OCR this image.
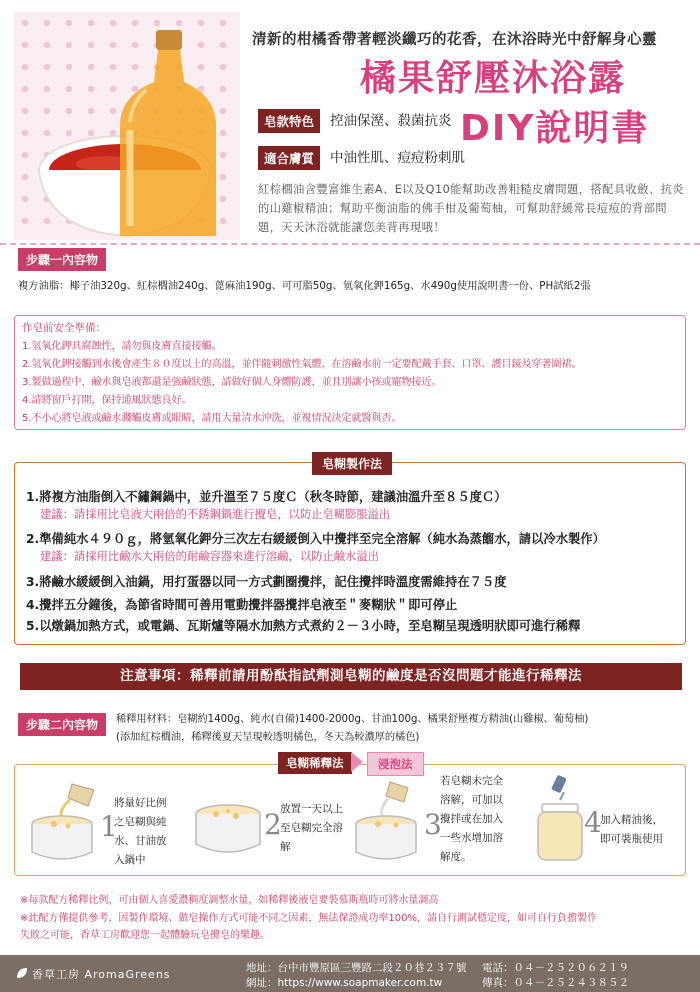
清新的柑橘香帶著輕淡纖巧的花香，在沐浴時光中舒解身心靈
橘果舒壓沐浴露
DIY說明書
皂款特色	控油保溼、殺菌抗炎
適合膚質	中油性肌、痘痘粉刺肌
紅棕櫚油含豐富維生素A、E以及Q10能幫助改善粗糙皮膚問題，搭配具收斂、抗炎的山雞椒精油；幫助平衡油脂的佛手柑及葡萄柚，可幫助舒緩常長痘痘的背部問題，天天沐浴就能讓您美背再現哦！
步驟一內容物
複方油脂：椰子油320g、紅棕櫚油240g、蓖麻油190g、可可脂50g、氫氧化鉀165g、水490g使用說明書一份、PH試紙2張
作皂前安全準備：
1.氫氧化鉀具腐蝕性，請勿與皮膚直接接觸。
2.氫氧化鉀接觸到水後會產生８０度以上的高溫，並伴隨刺激性氣體，在溶鹼水前一定要配戴手套、口罩、護目鏡及穿著圍裙。
3.製做過程中，鹼水與皂液都還是強鹼狀態，請做好個人身體防護，並且別讓小孩或寵物接近。
4.請將窗戶打開，保持通風狀態良好。
5.不小心將皂液或鹼水濺觸皮膚或眼睛，請用大量清水沖洗，並視情況決定就醫與否。
皂糊製作法
1.將複方油脂倒入不鏽鋼鍋中，並升溫至７５度Ｃ（秋冬時節，建議油溫升至８５度Ｃ）
建議：請採用比皂液大兩倍的不銹鋼鍋進行攪皂，以防止皂糊膨脹溢出
2.準備純水４９０ｇ，將氫氧化鉀分三次左右緩緩倒入中攪拌至完全溶解（純水為蒸餾水，請以冷水製作）
建議：請採用比鹼水大兩倍的耐鹼容器來進行溶鹼，以防止鹼水溢出
3.將鹼水緩緩倒入油鍋，用打蛋器以同一方式劃圈攪拌，記住攪拌時溫度需維持在７５度
4.攪拌五分鐘後，為節省時間可善用電動攪拌器攪拌皂液至＂麥糊狀＂即可停止
5.以燉鍋加熱方式，或電鍋、瓦斯爐等隔水加熱方式煮約２－３小時，至皂糊呈現透明狀即可進行稀釋
注意事項：稀釋前請用酚酞指試劑測皂糊的鹼度是否沒問題才能進行稀釋法
步驟二內容物	稀釋用材料：皂糊約1400g、純水(自備)1400-2000g、甘油100g、橘果舒壓複方精油(山雞椒、葡萄柚)
(添加紅棕櫚油，稀釋後夏天呈現較透明橘色，冬天為較濃厚的橘色)
皂糊稀釋法	浸泡法
1
將量好比例
之皂糊與純
水、甘油放
入鍋中
2
放置一天以上
至皂糊完全溶
解
3
若皂糊未完全
溶解，可加以
攪拌或在加入
一些水增加溶
解度。
4
加入精油後，
即可裝瓶使用
※每款配方稀釋比例，可由個人喜愛濃稠度調整水量，如稀釋後液皂要裝慕斯瓶時可將水量調高
※此配方僅提供參考，因製作環境、做皂操作方式可能不同之因素，無法保證成功率100%，請自行測試穩定度，如可自行負擔製作
失敗之可能，香草工房歡迎您一起體驗玩皂攪皂的樂趣。
香草工房 AromaGreens	地址：台中市豐原區三豐路二段２０巷２３７號
網址：https://www.soapmaker.com.tw
電話：０４－２５２０６２１９
傳真：０４－２５２４３８５２
